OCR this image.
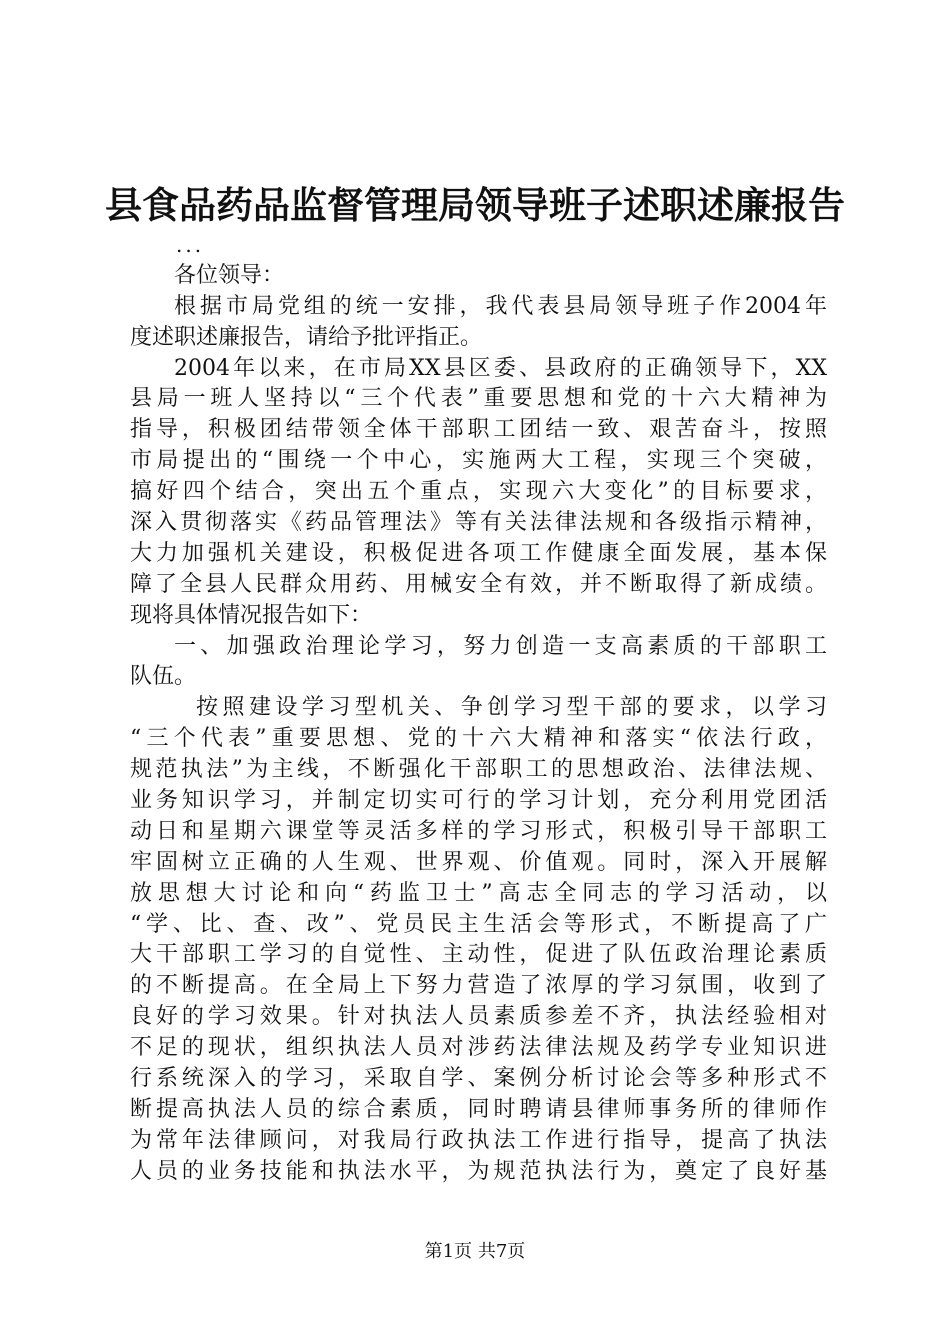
县食品药品监督管理局领导班子述职述廉报告
...
各位领导：
根据市局党组的统一安排，我代表县局领导班子作2004年
度述职述廉报告，请给予批评指正。
2004年以来，在市局XX县区委、县政府的正确领导下，XX
县局一班人坚持以“三个代表”重要思想和党的十六大精神为
指导，积极团结带领全体干部职工团结一致、艰苦奋斗，按照
市局提出的“围绕一个中心，实施两大工程，实现三个突破，
搞好四个结合，突出五个重点，实现六大变化”的目标要求，
深入贯彻落实《药品管理法》等有关法律法规和各级指示精神，
大力加强机关建设，积极促进各项工作健康全面发展，基本保
障了全县人民群众用药、用械安全有效，并不断取得了新成绩。
现将具体情况报告如下：
一、加强政治理论学习，努力创造一支高素质的干部职工
队伍。
按照建设学习型机关、争创学习型干部的要求，以学习
“三个代表”重要思想、党的十六大精神和落实“依法行政，
规范执法”为主线，不断强化干部职工的思想政治、法律法规、
业务知识学习，并制定切实可行的学习计划，充分利用党团活
动日和星期六课堂等灵活多样的学习形式，积极引导干部职工
牢固树立正确的人生观、世界观、价值观。同时，深入开展解
放思想大讨论和向“药监卫士”高志全同志的学习活动，以
“学、比、查、改”、党员民主生活会等形式，不断提高了广
大干部职工学习的自觉性、主动性，促进了队伍政治理论素质
的不断提高。在全局上下努力营造了浓厚的学习氛围，收到了
良好的学习效果。针对执法人员素质参差不齐，执法经验相对
不足的现状，组织执法人员对涉药法律法规及药学专业知识进
行系统深入的学习，采取自学、案例分析讨论会等多种形式不
断提高执法人员的综合素质，同时聘请县律师事务所的律师作
为常年法律顾问，对我局行政执法工作进行指导，提高了执法
人员的业务技能和执法水平，为规范执法行为，奠定了良好基
第1页 共7页
